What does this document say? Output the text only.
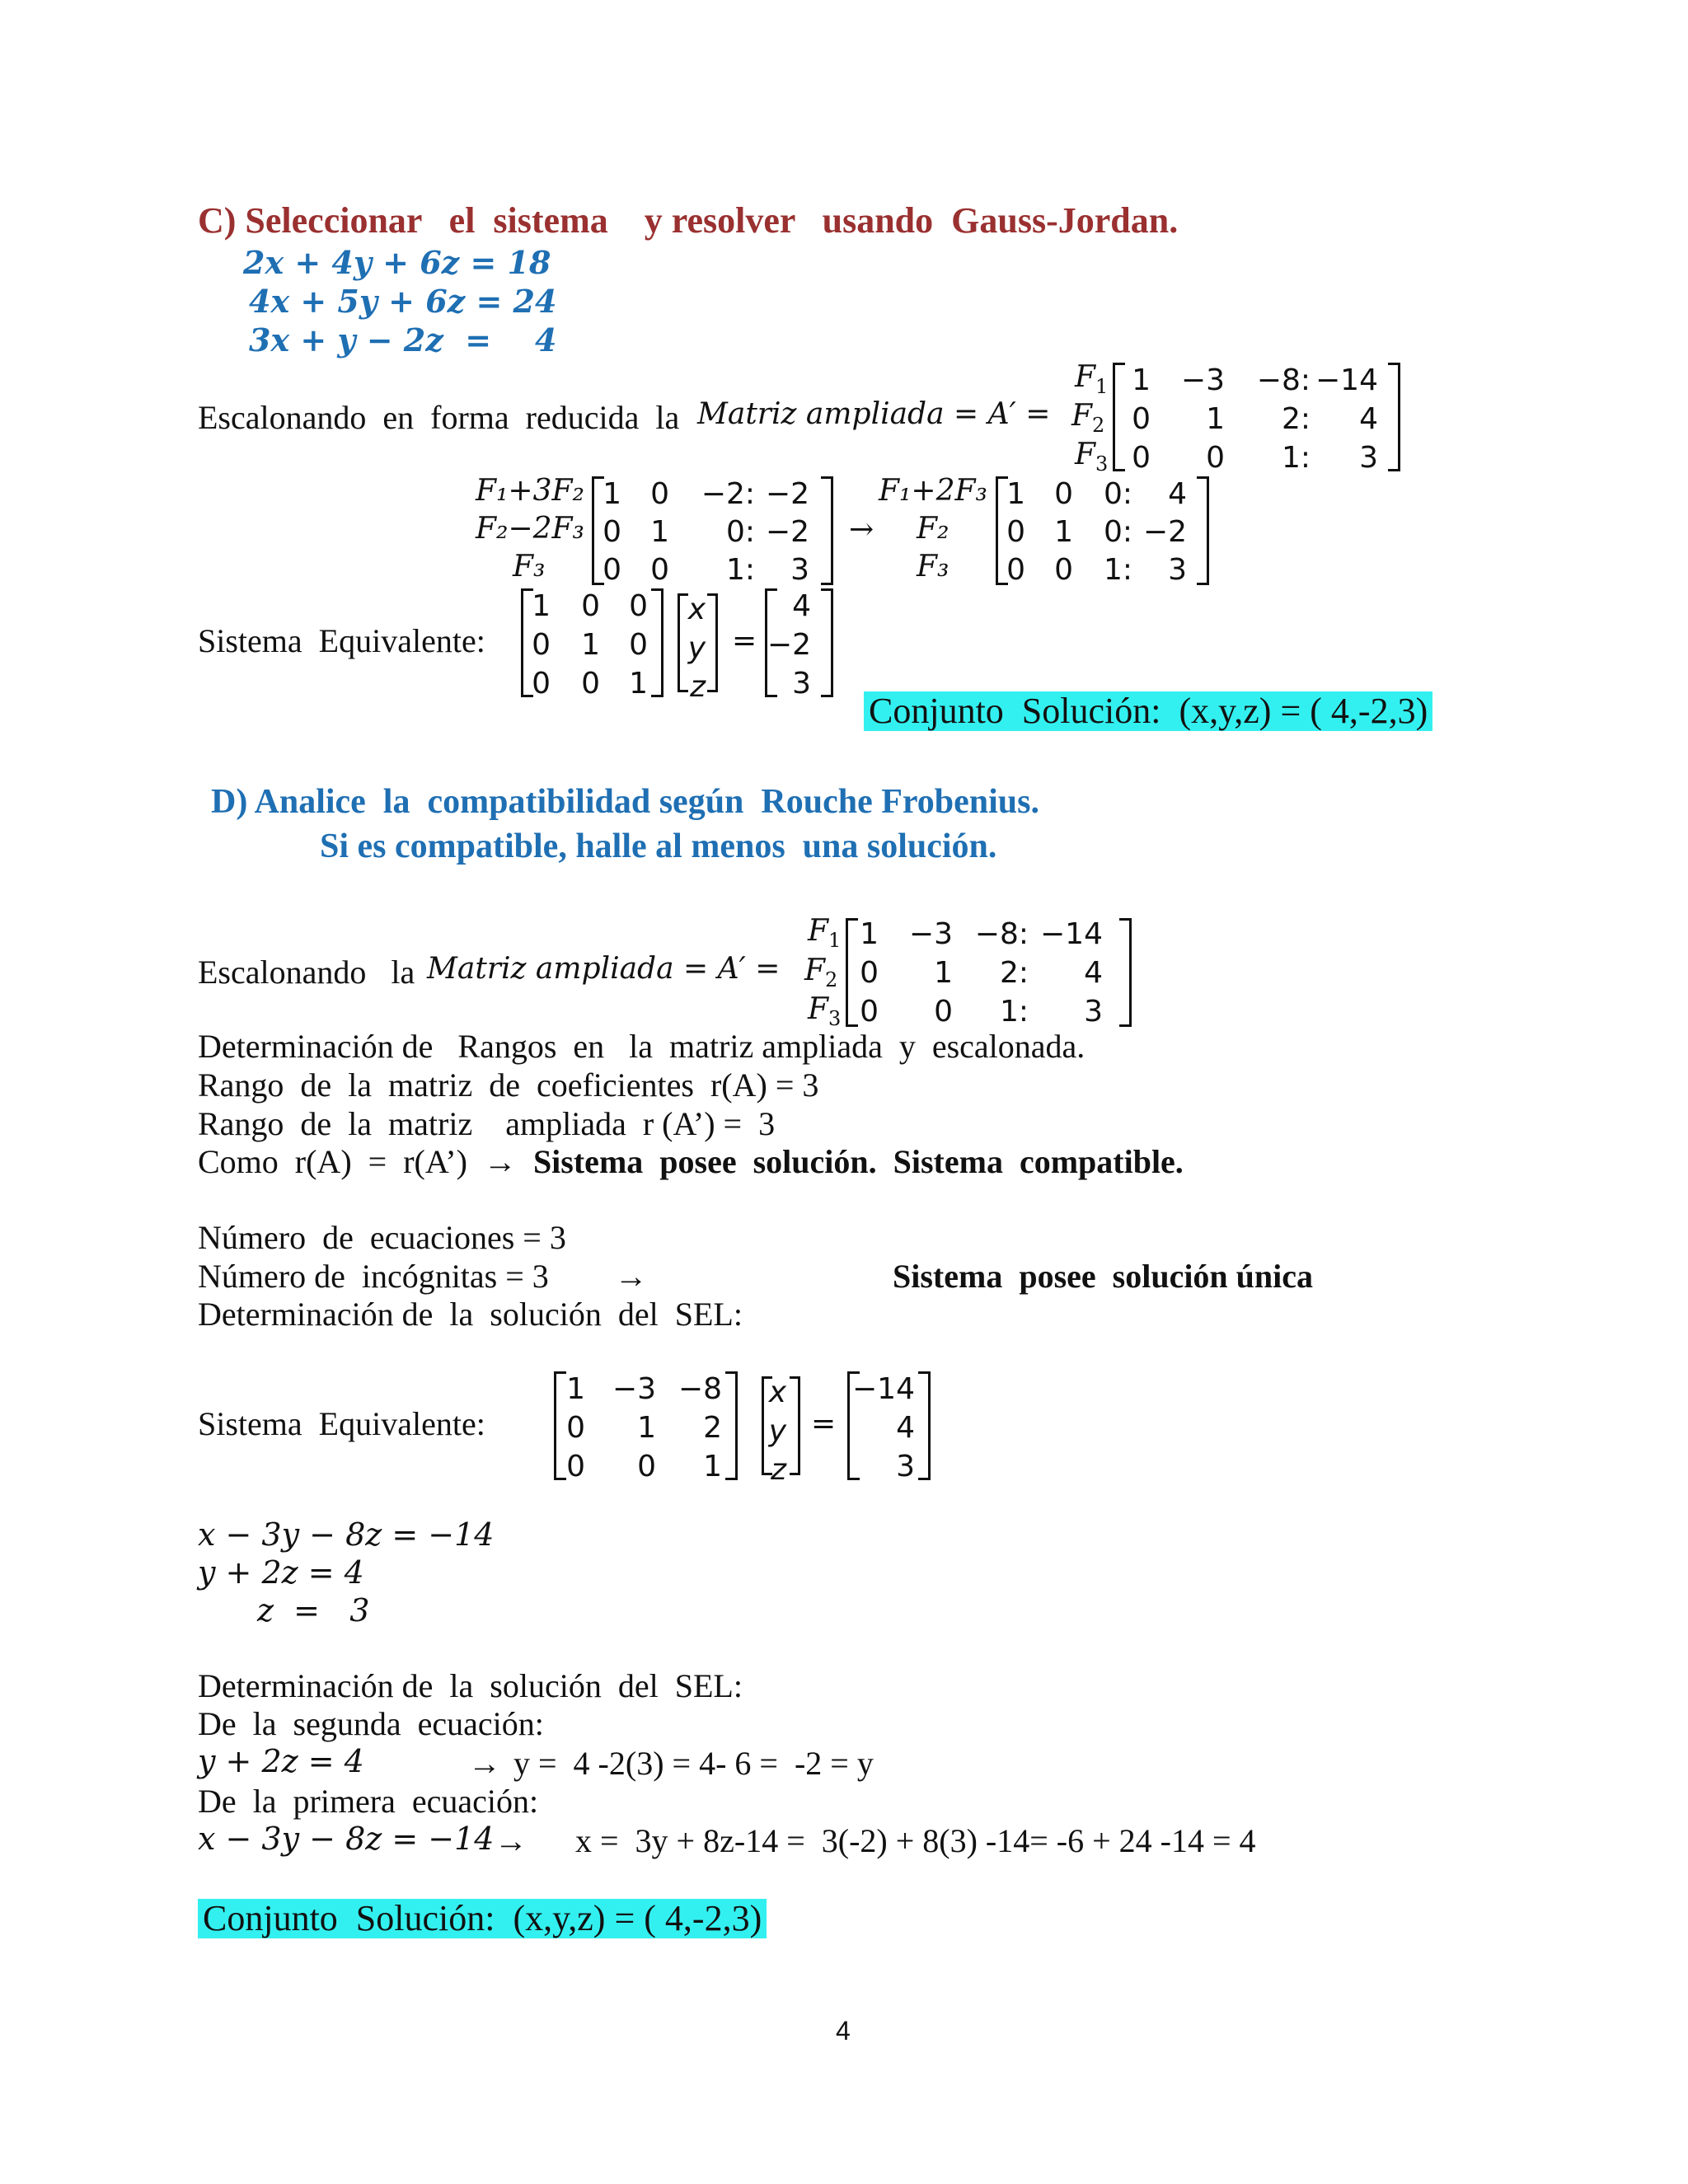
C) Seleccionar   el  sistema    y resolver   usando  Gauss-Jordan.
2x + 4y + 6z = 18
4x + 5y + 6z = 24
3x + y − 2z  =    4
Escalonando  en  forma  reducida  la Matriz ampliada = A′ =
$F_1$
$F_2$
$F_3$
1 −3 −8: −14
0 1 2: 4
0 0 1: 3
F₁+3F₂
F₂−2F₃
F₃
1 0 −2: −2
0 1 0: −2
0 0 1: 3
→
F₁+2F₃
F₂
F₃
1 0 0: 4
0 1 0: −2
0 0 1: 3
Sistema  Equivalente:
1 0 0
0 1 0
0 0 1
x
y
z
=
4
−2
3
Conjunto  Solución:  (x,y,z) = ( 4,-2,3)
D) Analice  la  compatibilidad según  Rouche Frobenius.
Si es compatible, halle al menos  una solución.
Escalonando   la
Matriz ampliada = A′ =
$F_1$
$F_2$
$F_3$
1 −3 −8: −14
0 1 2: 4
0 0 1: 3
Determinación de   Rangos  en   la  matriz ampliada  y  escalonada.
Rango  de  la  matriz  de  coeficientes  r(A) = 3
Rango  de  la  matriz    ampliada  r (A’) =  3
Como  r(A)  =  r(A’)  →  Sistema  posee  solución.  Sistema  compatible.
Número  de  ecuaciones = 3
Número de  incógnitas = 3        →	Sistema  posee  solución única
Determinación de  la  solución  del  SEL:
Sistema  Equivalente:
1 −3 −8
0 1 2
0 0 1
x
y
z
=
−14
4
3
x − 3y − 8z = −14
y + 2z = 4
z  =   3
Determinación de  la  solución  del  SEL:
De  la  segunda  ecuación:
y + 2z = 4	→ y =  4 -2(3) = 4- 6 =  -2 = y
De  la  primera  ecuación:
x − 3y − 8z = −14 → x =  3y + 8z-14 =  3(-2) + 8(3) -14= -6 + 24 -14 = 4
Conjunto  Solución:  (x,y,z) = ( 4,-2,3)
4
